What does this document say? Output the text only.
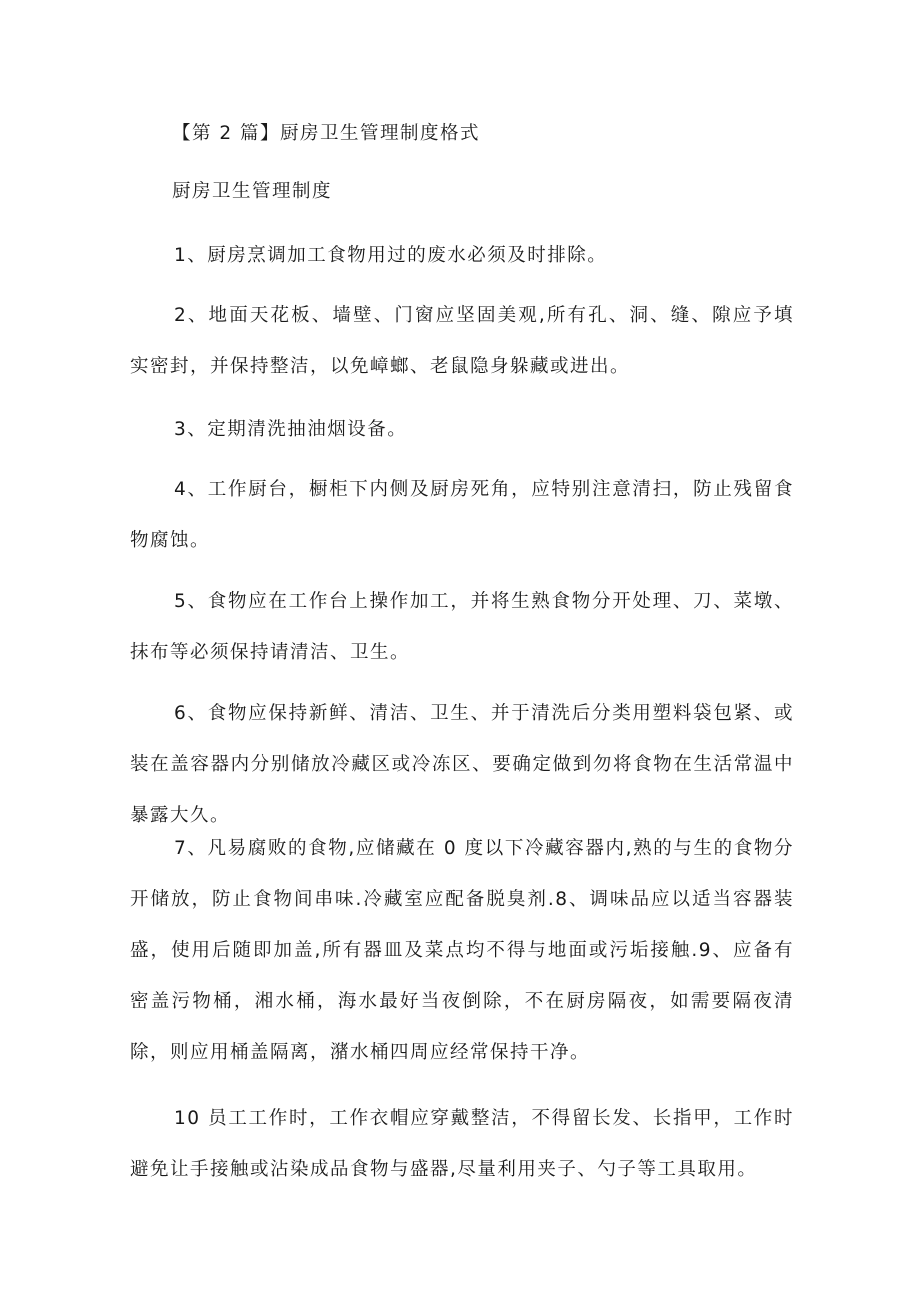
【第 2 篇】厨房卫生管理制度格式
厨房卫生管理制度

1、厨房烹调加工食物用过的废水必须及时排除。

2、地面天花板、墙壁、门窗应坚固美观,所有孔、洞、缝、隙应予填实密封，并保持整洁，以免嶂螂、老鼠隐身躲藏或进出。

3、定期清洗抽油烟设备。

4、工作厨台，橱柜下内侧及厨房死角，应特别注意清扫，防止残留食物腐蚀。

5、食物应在工作台上操作加工，并将生熟食物分开处理、刀、菜墩、抹布等必须保持请清洁、卫生。

6、食物应保持新鲜、清洁、卫生、并于清洗后分类用塑料袋包紧、或装在盖容器内分别储放冷藏区或冷冻区、要确定做到勿将食物在生活常温中暴露大久。

7、凡易腐败的食物,应储藏在 0 度以下冷藏容器内,熟的与生的食物分开储放，防止食物间串味.冷藏室应配备脱臭剂.8、调味品应以适当容器装盛，使用后随即加盖,所有器皿及菜点均不得与地面或污垢接触.9、应备有密盖污物桶，湘水桶，海水最好当夜倒除，不在厨房隔夜，如需要隔夜清除，则应用桶盖隔离，潴水桶四周应经常保持干净。

10 员工工作时，工作衣帽应穿戴整洁，不得留长发、长指甲，工作时避免让手接触或沾染成品食物与盛器,尽量利用夹子、勺子等工具取用。
